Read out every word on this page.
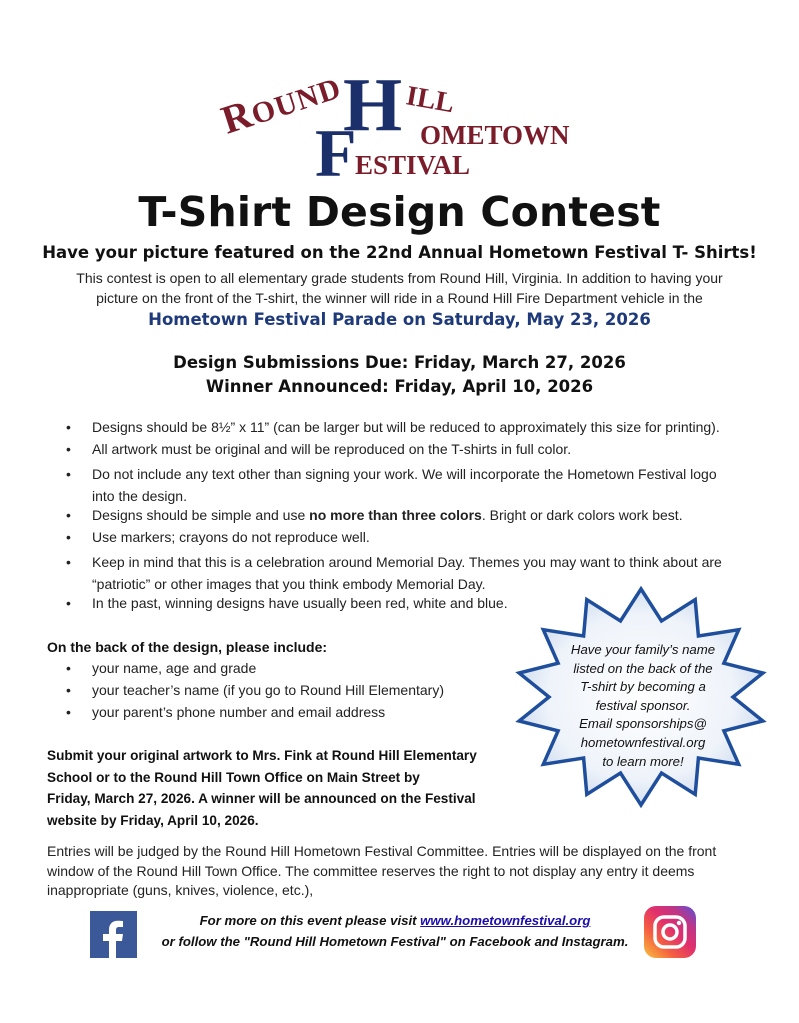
ROUND
H ILL
OMETOWN
F
ESTIVAL
T-Shirt Design Contest
Have your picture featured on the 22nd Annual Hometown Festival T- Shirts!
This contest is open to all elementary grade students from Round Hill, Virginia. In addition to having your
picture on the front of the T-shirt, the winner will ride in a Round Hill Fire Department vehicle in the
Hometown Festival Parade on Saturday, May 23, 2026
Design Submissions Due: Friday, March 27, 2026
Winner Announced: Friday, April 10, 2026
• Designs should be 8½” x 11” (can be larger but will be reduced to approximately this size for printing).
• All artwork must be original and will be reproduced on the T-shirts in full color.
• Do not include any text other than signing your work. We will incorporate the Hometown Festival logo
into the design.
• Designs should be simple and use no more than three colors. Bright or dark colors work best.
• Use markers; crayons do not reproduce well.
• Keep in mind that this is a celebration around Memorial Day. Themes you may want to think about are
“patriotic” or other images that you think embody Memorial Day.
• In the past, winning designs have usually been red, white and blue.
On the back of the design, please include:
• your name, age and grade
• your teacher’s name (if you go to Round Hill Elementary)
• your parent’s phone number and email address
Submit your original artwork to Mrs. Fink at Round Hill Elementary
School or to the Round Hill Town Office on Main Street by
Friday, March 27, 2026. A winner will be announced on the Festival
website by Friday, April 10, 2026.
Have your family’s name
listed on the back of the
T-shirt by becoming a
festival sponsor.
Email sponsorships@
hometownfestival.org
to learn more!
Entries will be judged by the Round Hill Hometown Festival Committee. Entries will be displayed on the front
window of the Round Hill Town Office. The committee reserves the right to not display any entry it deems
inappropriate (guns, knives, violence, etc.),
For more on this event please visit www.hometownfestival.org
or follow the "Round Hill Hometown Festival" on Facebook and Instagram.
